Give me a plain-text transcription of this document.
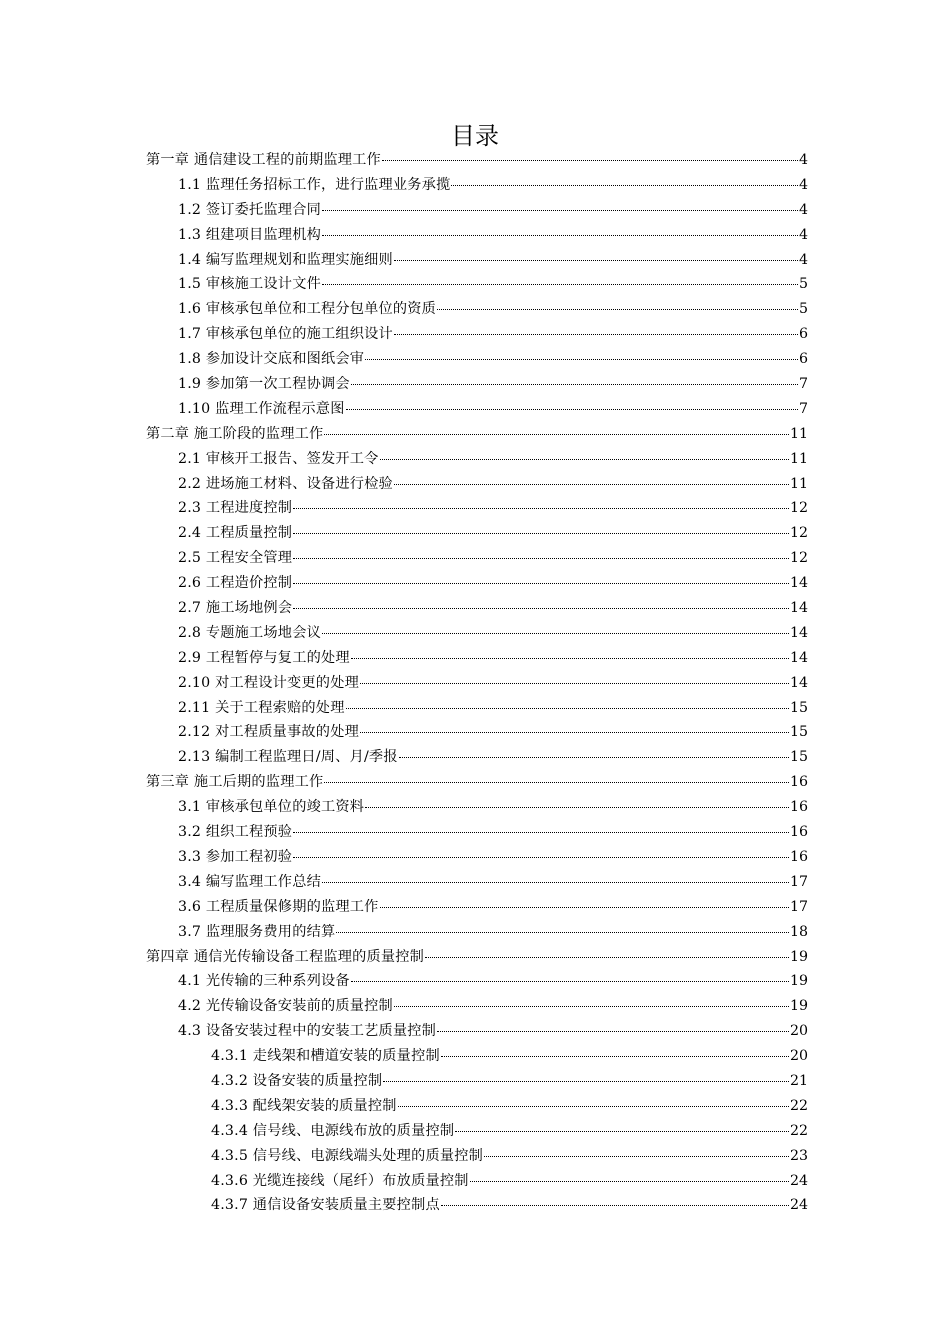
目录
第一章 通信建设工程的前期监理工作	4
1.1 监理任务招标工作，进行监理业务承揽	4
1.2 签订委托监理合同	4
1.3 组建项目监理机构	4
1.4 编写监理规划和监理实施细则	4
1.5 审核施工设计文件	5
1.6 审核承包单位和工程分包单位的资质	5
1.7 审核承包单位的施工组织设计	6
1.8 参加设计交底和图纸会审	6
1.9 参加第一次工程协调会	7
1.10 监理工作流程示意图	7
第二章 施工阶段的监理工作	11
2.1 审核开工报告、签发开工令	11
2.2 进场施工材料、设备进行检验	11
2.3 工程进度控制	12
2.4 工程质量控制	12
2.5 工程安全管理	12
2.6 工程造价控制	14
2.7 施工场地例会	14
2.8 专题施工场地会议	14
2.9 工程暂停与复工的处理	14
2.10 对工程设计变更的处理	14
2.11 关于工程索赔的处理	15
2.12 对工程质量事故的处理	15
2.13 编制工程监理日/周、月/季报	15
第三章 施工后期的监理工作	16
3.1 审核承包单位的竣工资料	16
3.2 组织工程预验	16
3.3 参加工程初验	16
3.4 编写监理工作总结	17
3.6 工程质量保修期的监理工作	17
3.7 监理服务费用的结算	18
第四章 通信光传输设备工程监理的质量控制	19
4.1 光传输的三种系列设备	19
4.2 光传输设备安装前的质量控制	19
4.3 设备安装过程中的安装工艺质量控制	20
4.3.1 走线架和槽道安装的质量控制	20
4.3.2 设备安装的质量控制	21
4.3.3 配线架安装的质量控制	22
4.3.4 信号线、电源线布放的质量控制	22
4.3.5 信号线、电源线端头处理的质量控制	23
4.3.6 光缆连接线（尾纤）布放质量控制	24
4.3.7 通信设备安装质量主要控制点	24
